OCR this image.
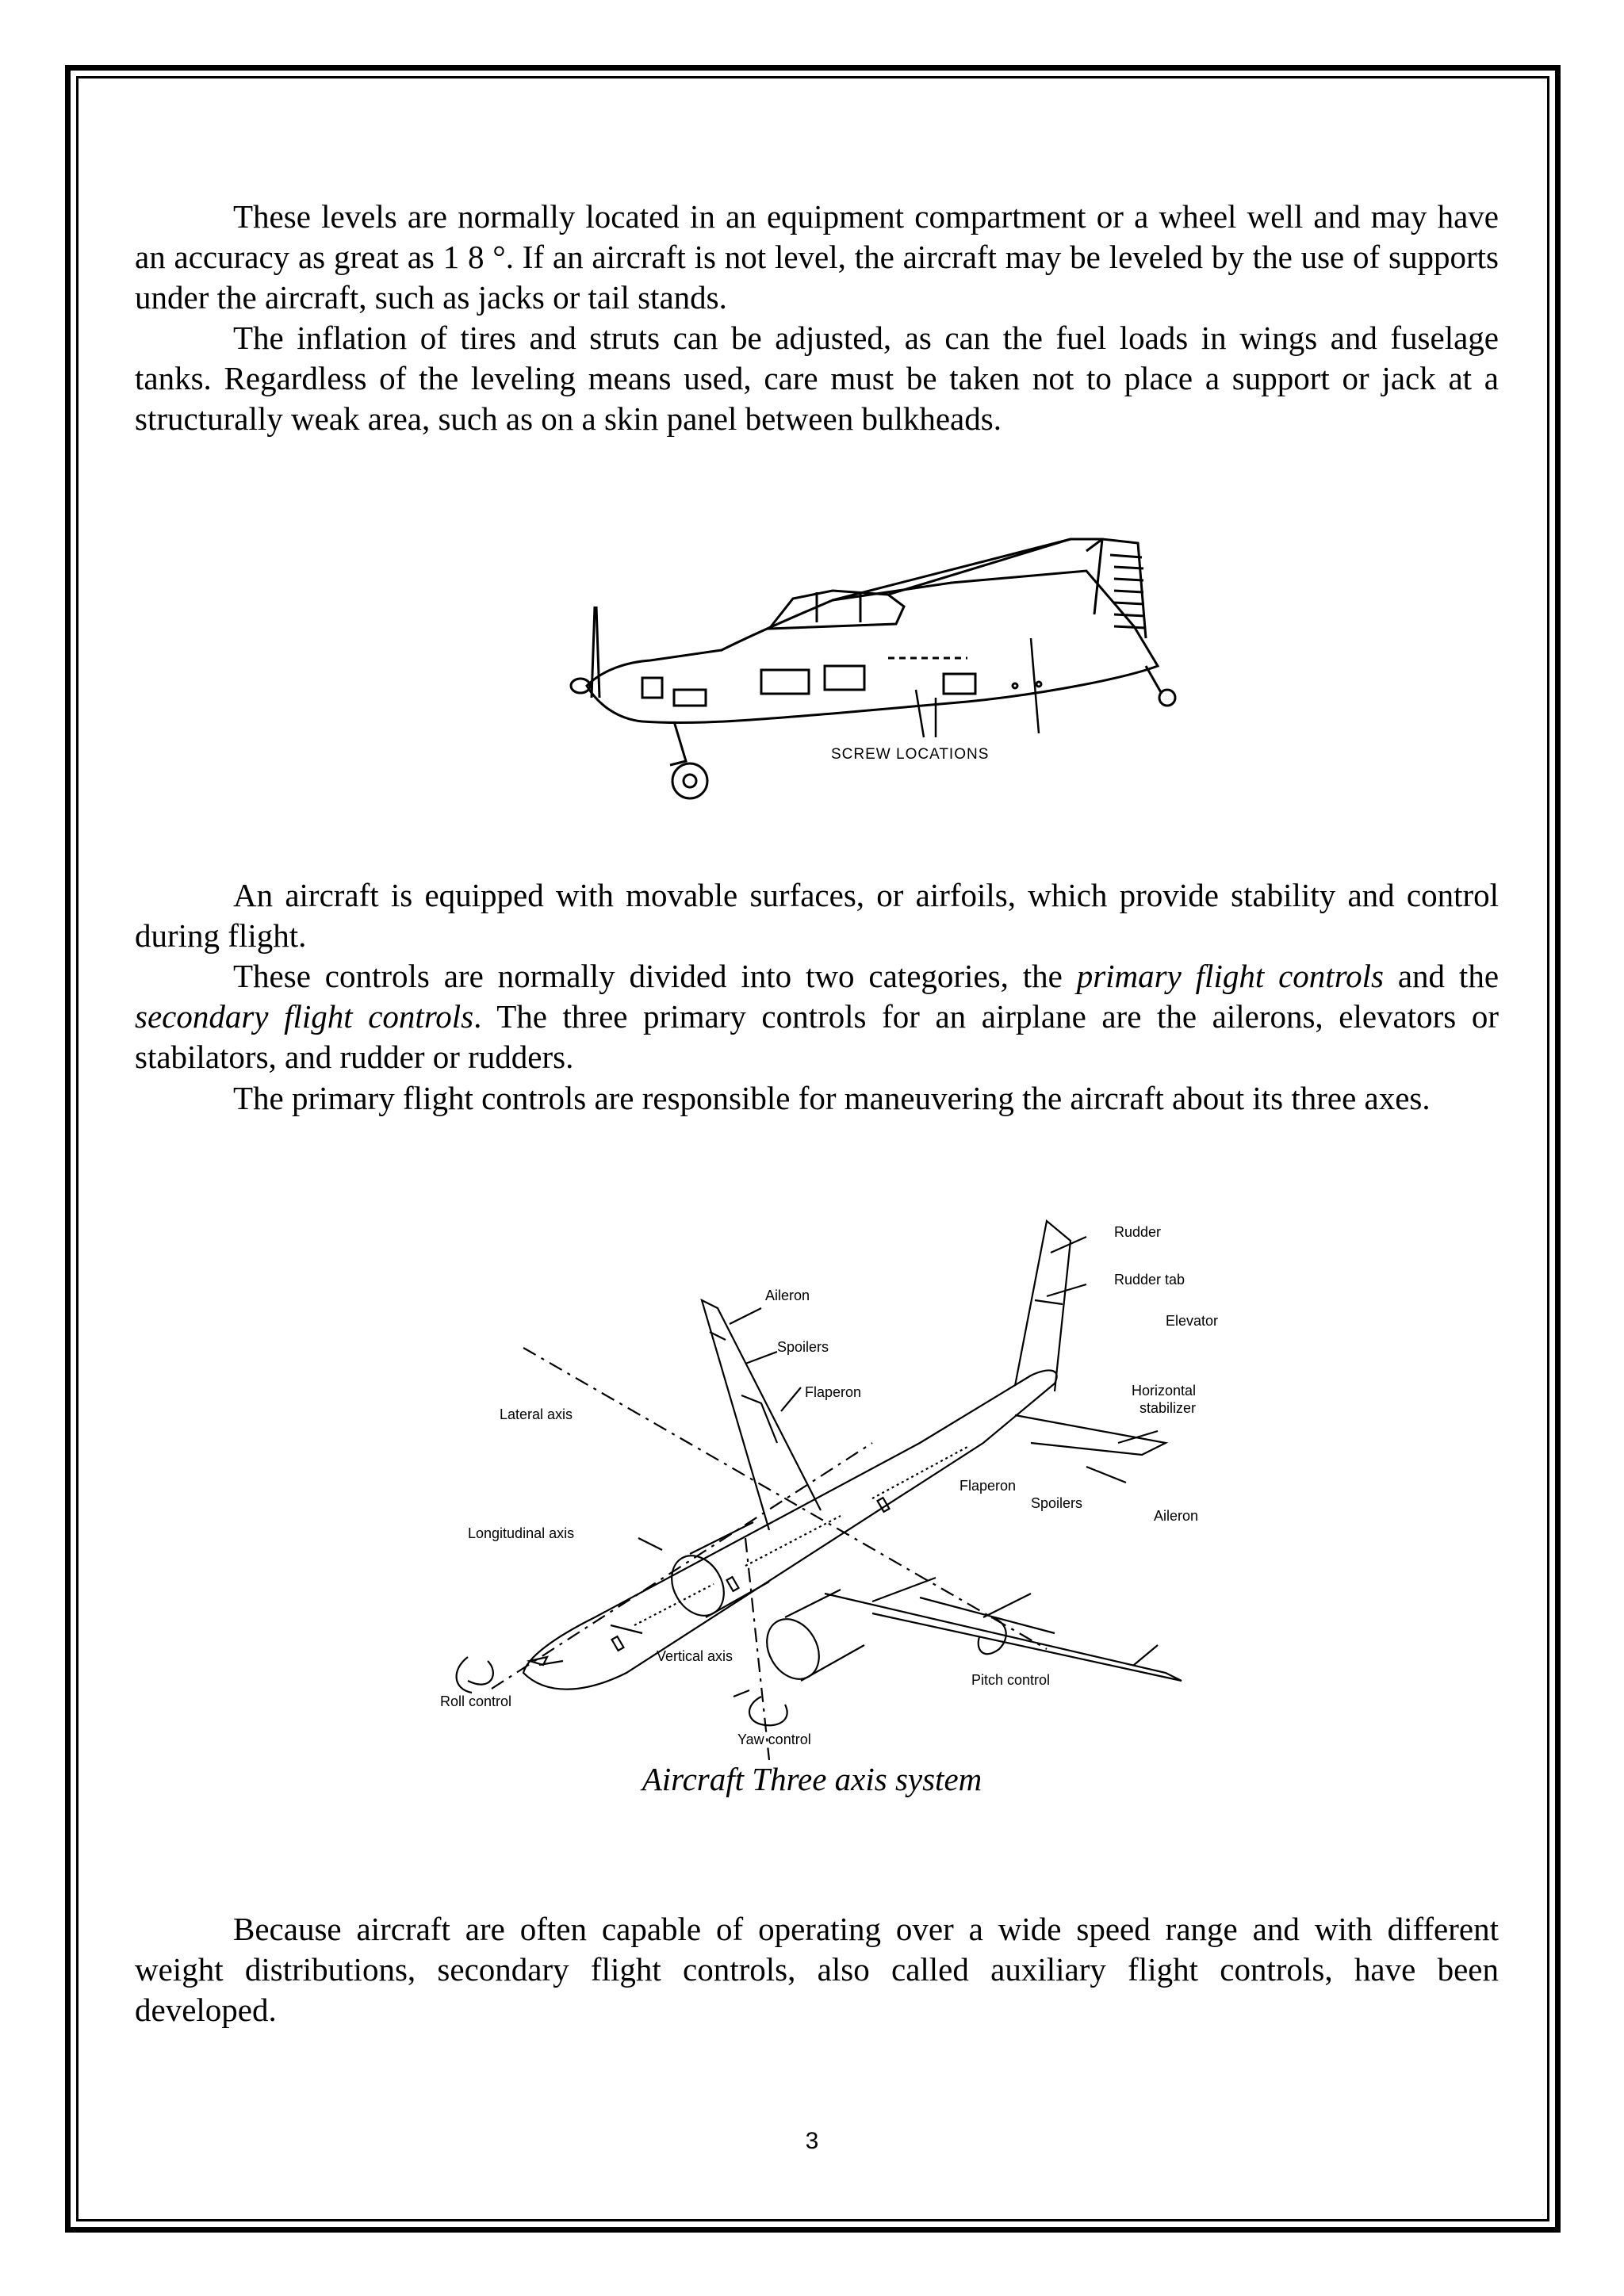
These levels are normally located in an equipment compartment or a wheel well and may have an accuracy as great as 1 8 °. If an aircraft is not level, the aircraft may be leveled by the use of supports under the aircraft, such as jacks or tail stands.

The inflation of tires and struts can be adjusted, as can the fuel loads in wings and fuselage tanks. Regardless of the leveling means used, care must be taken not to place a support or jack at a structurally weak area, such as on a skin panel between bulkheads.

SCREW LOCATIONS

An aircraft is equipped with movable surfaces, or airfoils, which provide stability and control during flight.

These controls are normally divided into two categories, the primary flight controls and the secondary flight controls. The three primary controls for an airplane are the ailerons, elevators or stabilators, and rudder or rudders.

The primary flight controls are responsible for maneuvering the aircraft about its three axes.

Rudder
Rudder tab
Elevator
Aileron
Spoilers
Flaperon
Lateral axis
Horizontal
stabilizer
Flaperon
Spoilers
Aileron
Longitudinal axis
Vertical axis
Pitch control
Roll control
Yaw control
Aircraft Three axis system

Because aircraft are often capable of operating over a wide speed range and with different weight distributions, secondary flight controls, also called auxiliary flight controls, have been developed.

3
